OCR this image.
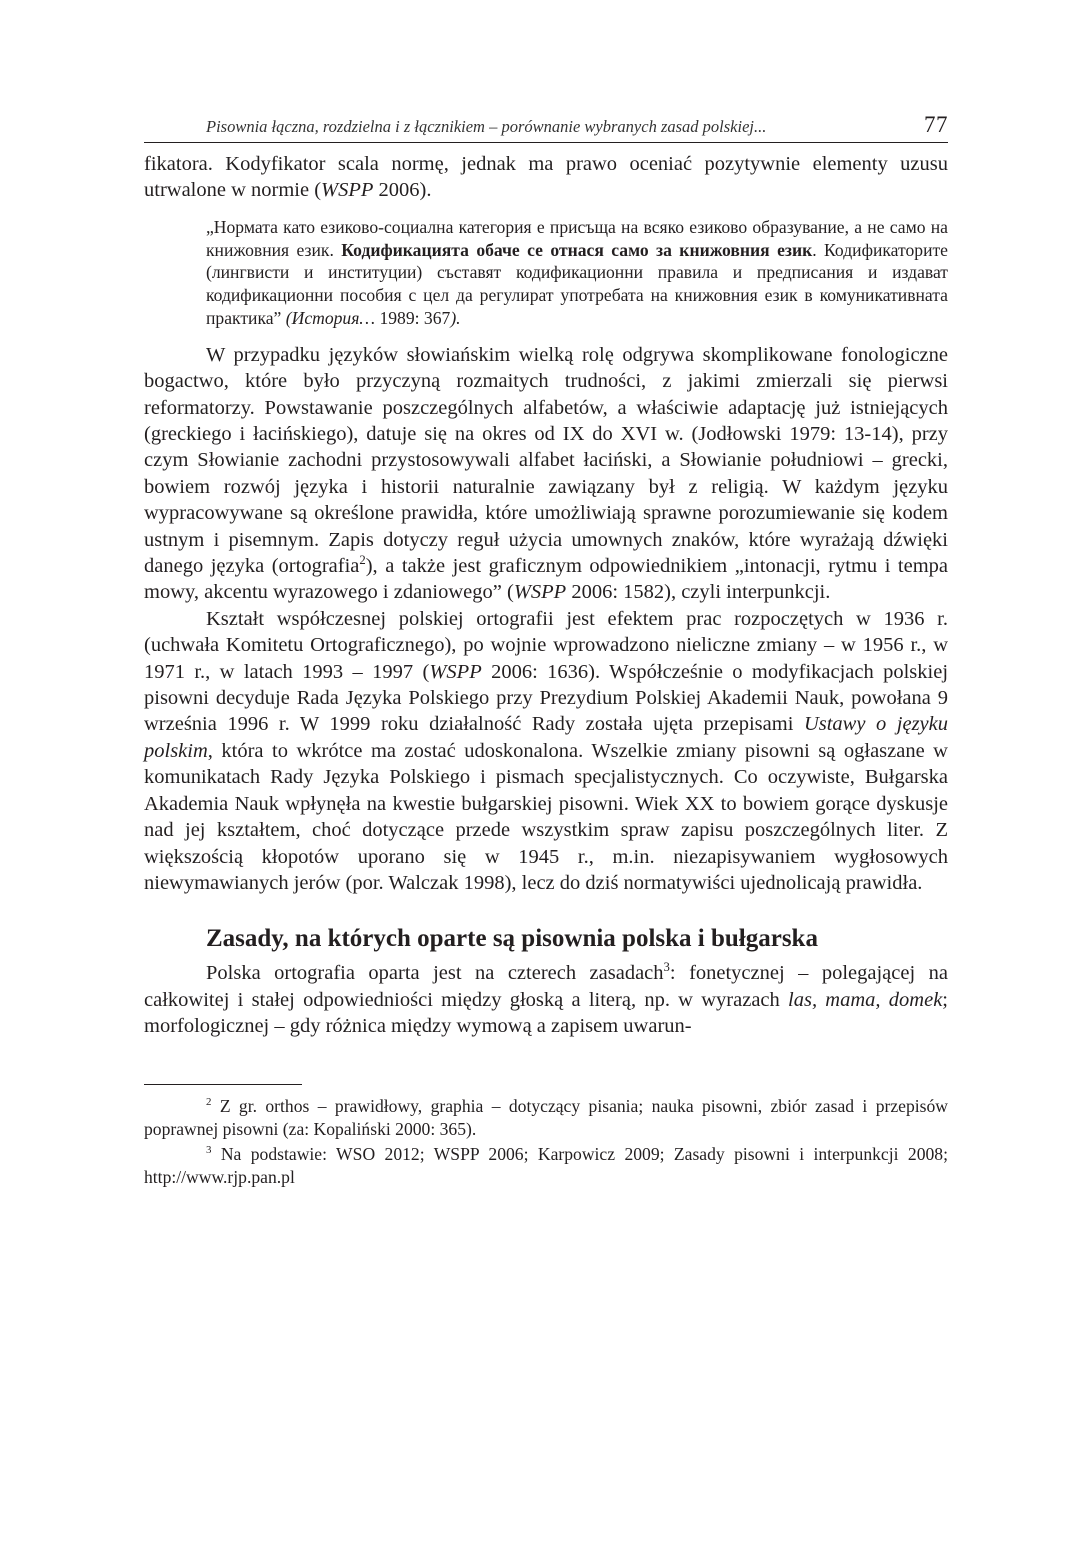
Pisownia łączna, rozdzielna i z łącznikiem – porównanie wybranych zasad polskiej...	77

fikatora. Kodyfikator scala normę, jednak ma prawo oceniać pozytywnie elementy uzusu utrwalone w normie (WSPP 2006).

„Нормата като езиково-социална категория е присъща на всяко езиково образувание, а не само на книжовния език. Кодификацията обаче се отнася само за книжовния език. Кодификаторите (лингвисти и институции) съставят кодификационни правила и предписания и издават кодификационни пособия с цел да регулират употребата на книжовния език в комуникативната практика” (История… 1989: 367).

W przypadku języków słowiańskim wielką rolę odgrywa skomplikowane fonologiczne bogactwo, które było przyczyną rozmaitych trudności, z jakimi zmierzali się pierwsi reformatorzy. Powstawanie poszczególnych alfabetów, a właściwie adaptację już istniejących (greckiego i łacińskiego), datuje się na okres od IX do XVI w. (Jodłowski 1979: 13-14), przy czym Słowianie zachodni przystosowywali alfabet łaciński, a Słowianie południowi – grecki, bowiem rozwój języka i historii naturalnie zawiązany był z religią. W każdym języku wypracowywane są określone prawidła, które umożliwiają sprawne porozumiewanie się kodem ustnym i pisemnym. Zapis dotyczy reguł użycia umownych znaków, które wyrażają dźwięki danego języka (ortografia$^2$), a także jest graficznym odpowiednikiem „intonacji, rytmu i tempa mowy, akcentu wyrazowego i zdaniowego” (WSPP 2006: 1582), czyli interpunkcji.

Kształt współczesnej polskiej ortografii jest efektem prac rozpoczętych w 1936 r. (uchwała Komitetu Ortograficznego), po wojnie wprowadzono nieliczne zmiany – w 1956 r., w 1971 r., w latach 1993 – 1997 (WSPP 2006: 1636). Współcześnie o modyfikacjach polskiej pisowni decyduje Rada Języka Polskiego przy Prezydium Polskiej Akademii Nauk, powołana 9 września 1996 r. W 1999 roku działalność Rady została ujęta przepisami Ustawy o języku polskim, która to wkrótce ma zostać udoskonalona. Wszelkie zmiany pisowni są ogłaszane w komunikatach Rady Języka Polskiego i pismach specjalistycznych. Co oczywiste, Bułgarska Akademia Nauk wpłynęła na kwestie bułgarskiej pisowni. Wiek XX to bowiem gorące dyskusje nad jej kształtem, choć dotyczące przede wszystkim spraw zapisu poszczególnych liter. Z większością kłopotów uporano się w 1945 r., m.in. niezapisywaniem wygłosowych niewymawianych jerów (por. Walczak 1998), lecz do dziś normatywiści ujednolicają prawidła.

Zasady, na których oparte są pisownia polska i bułgarska

Polska ortografia oparta jest na czterech zasadach$^3$: fonetycznej – polegającej na całkowitej i stałej odpowiedniości między głoską a literą, np. w wyrazach las, mama, domek; morfologicznej – gdy różnica między wymową a zapisem uwarun-

$^2$ Z gr. orthos – prawidłowy, graphia – dotyczący pisania; nauka pisowni, zbiór zasad i przepisów poprawnej pisowni (za: Kopaliński 2000: 365).

$^3$ Na podstawie: WSO 2012; WSPP 2006; Karpowicz 2009; Zasady pisowni i interpunkcji 2008; http://www.rjp.pan.pl
